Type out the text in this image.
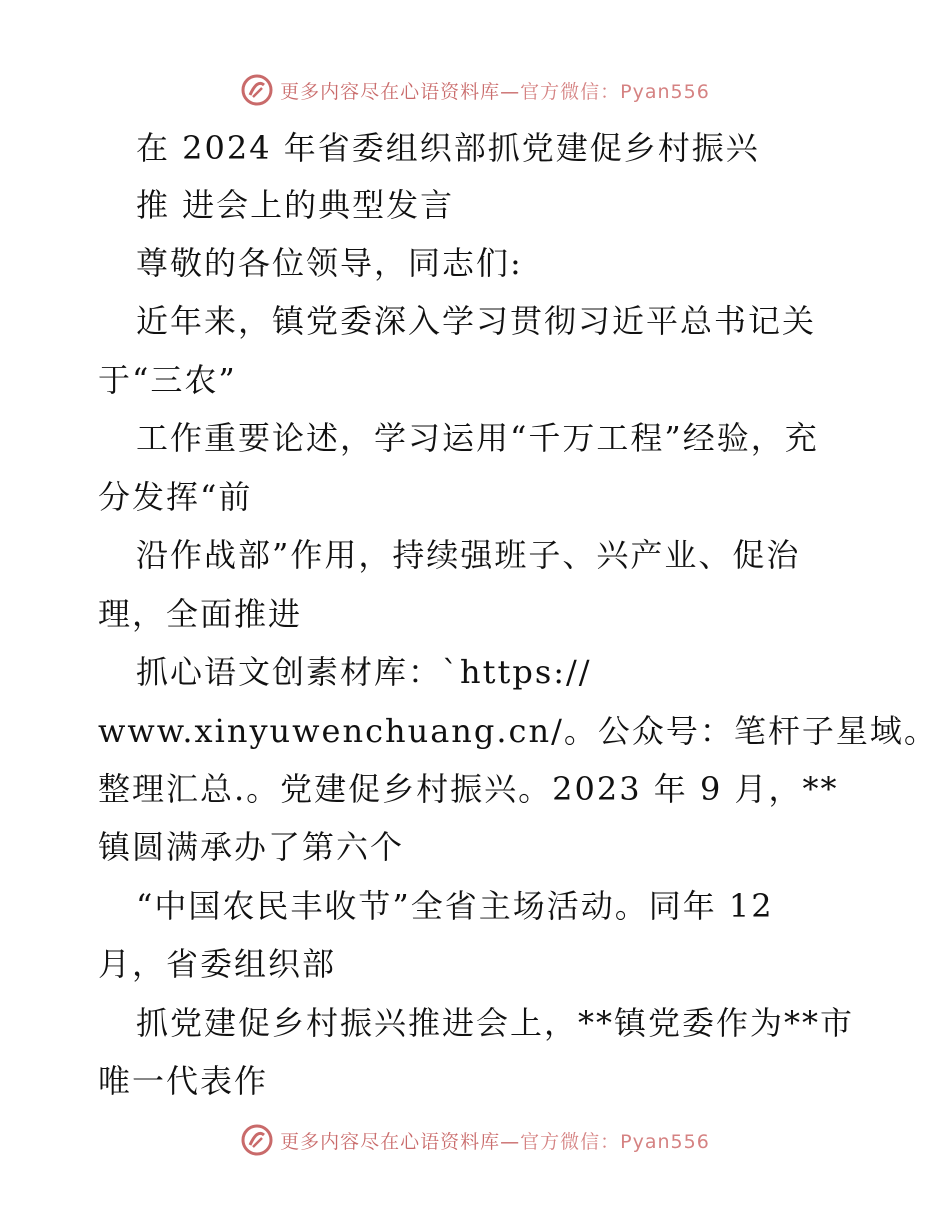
更多内容尽在心语资料库—官方微信：Pyan556
在 2024 年省委组织部抓党建促乡村振兴
推 进会上的典型发言
尊敬的各位领导，同志们:
近年来，镇党委深入学习贯彻习近平总书记关
于“三农”
工作重要论述，学习运用“千万工程”经验，充
分发挥“前
沿作战部”作用，持续强班子、兴产业、促治
理，全面推进
抓心语文创素材库：`https://
www.xinyuwenchuang.cn/。公众号：笔杆子星域。
整理汇总.。党建促乡村振兴。2023 年 9 月，**
镇圆满承办了第六个
“中国农民丰收节”全省主场活动。同年 12
月，省委组织部
抓党建促乡村振兴推进会上，**镇党委作为**市
唯一代表作
更多内容尽在心语资料库—官方微信：Pyan556
